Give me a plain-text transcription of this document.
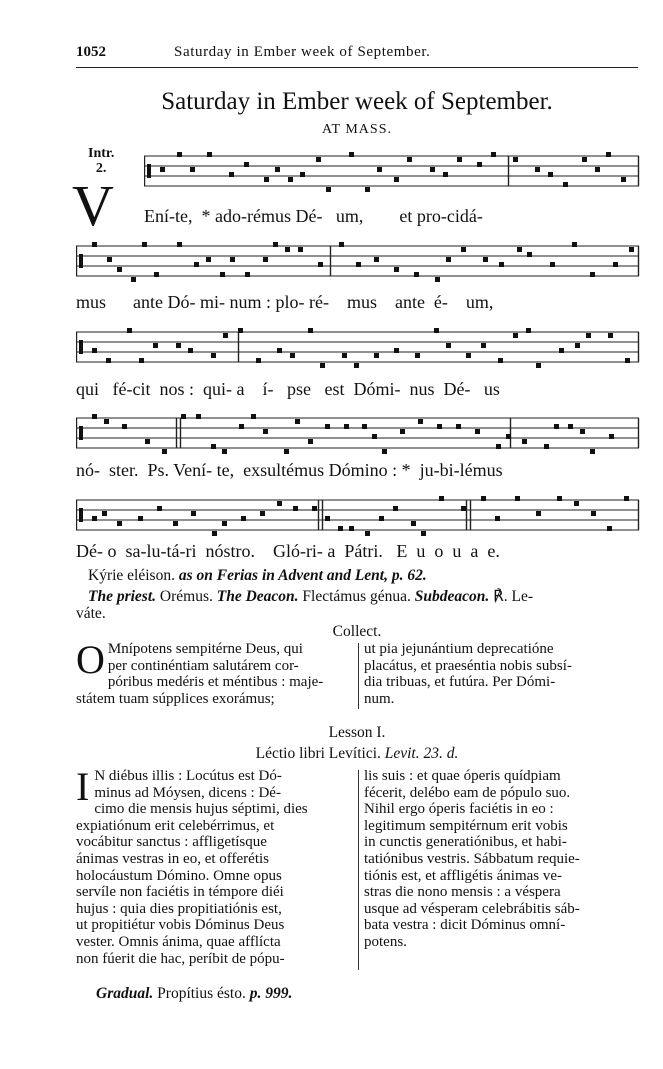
1052	Saturday in Ember week of September.
Saturday in Ember week of September.
AT MASS.
Intr.
2.
V Ení-te,  * ado-rémus Dé-   um,        et pro-cidá-
mus      ante Dó- mi- num : plo- ré-    mus    ante  é-    um,
qui   fé-cit  nos :  qui- a    í-   pse   est  Dómi-  nus  Dé-   us
nó-  ster.  Ps. Vení- te,  exsultémus Dómino : *  ju-bi-lémus
Dé- o  sa-lu-tá-ri  nóstro.    Gló-ri- a  Pátri.   E  u  o  u  a  e.
Kýrie eléison. as on Ferias in Advent and Lent, p. 62.
The priest. Orémus. The Deacon. Flectámus génua. Subdeacon. ℟. Le-
váte.
Collect.
O Mnípotens sempitérne Deus, qui
per continéntiam salutárem cor-
póribus medéris et méntibus : maje-
státem tuam súpplices exorámus;
ut pia jejunántium deprecatióne
placátus, et praeséntia nobis subsí-
dia tribuas, et futúra. Per Dómi-
num.
Lesson I.
Léctio libri Levítici. Levit. 23. d.
I N diébus illis : Locútus est Dó-
minus ad Móysen, dicens : Dé-
cimo die mensis hujus séptimi, dies
expiatiónum erit celebérrimus, et
vocábitur sanctus : affligetísque
ánimas vestras in eo, et offerétis
holocáustum Dómino. Omne opus
servíle non faciétis in témpore diéi
hujus : quia dies propitiatiónis est,
ut propitiétur vobis Dóminus Deus
vester. Omnis ánima, quae afflícta
non fúerit die hac, períbit de pópu-
lis suis : et quae óperis quídpiam
fécerit, delébo eam de pópulo suo.
Nihil ergo óperis faciétis in eo :
legitimum sempitérnum erit vobis
in cunctis generatiónibus, et habi-
tatiónibus vestris. Sábbatum requie-
tiónis est, et affligétis ánimas ve-
stras die nono mensis : a véspera
usque ad vésperam celebrábitis sáb-
bata vestra : dicit Dóminus omní-
potens.
Gradual. Propítius ésto. p. 999.
